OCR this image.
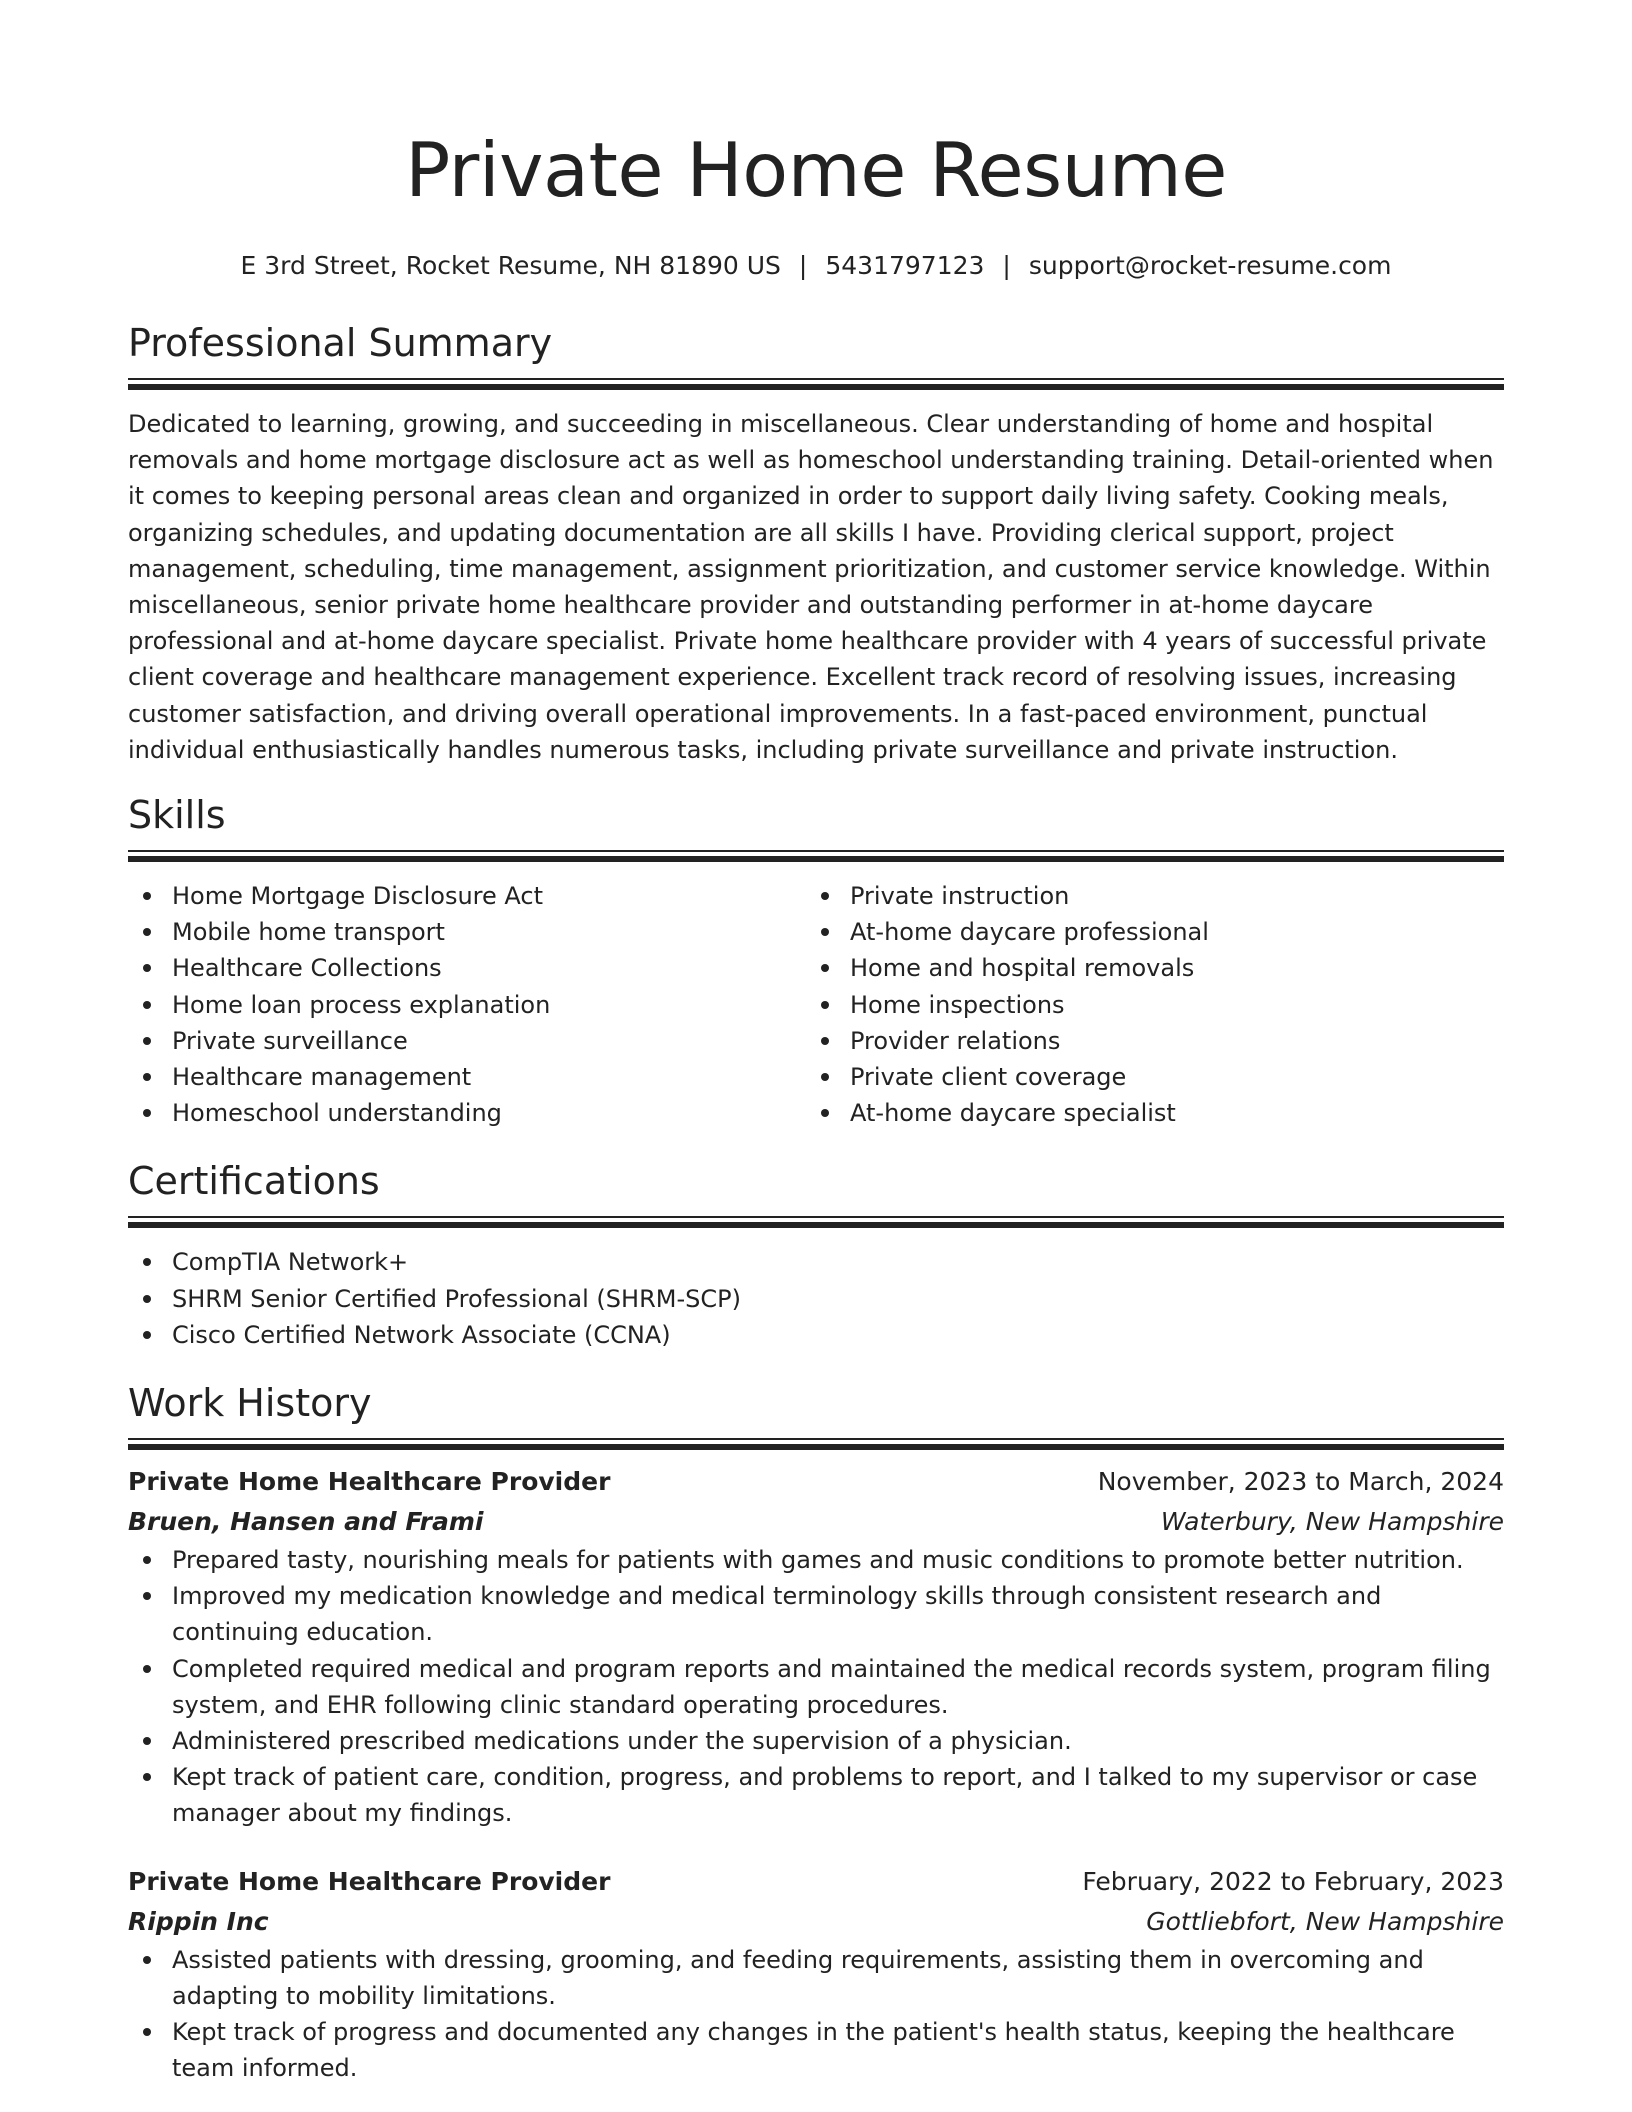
Private Home Resume
E 3rd Street, Rocket Resume, NH 81890 US | 5431797123 | support@rocket-resume.com
Professional Summary
Dedicated to learning, growing, and succeeding in miscellaneous. Clear understanding of home and hospital removals and home mortgage disclosure act as well as homeschool understanding training. Detail-oriented when it comes to keeping personal areas clean and organized in order to support daily living safety. Cooking meals, organizing schedules, and updating documentation are all skills I have. Providing clerical support, project management, scheduling, time management, assignment prioritization, and customer service knowledge. Within miscellaneous, senior private home healthcare provider and outstanding performer in at-home daycare professional and at-home daycare specialist. Private home healthcare provider with 4 years of successful private client coverage and healthcare management experience. Excellent track record of resolving issues, increasing customer satisfaction, and driving overall operational improvements. In a fast-paced environment, punctual individual enthusiastically handles numerous tasks, including private surveillance and private instruction.
Skills
Home Mortgage Disclosure Act
Mobile home transport
Healthcare Collections
Home loan process explanation
Private surveillance
Healthcare management
Homeschool understanding
Private instruction
At-home daycare professional
Home and hospital removals
Home inspections
Provider relations
Private client coverage
At-home daycare specialist
Certifications
CompTIA Network+
SHRM Senior Certified Professional (SHRM-SCP)
Cisco Certified Network Associate (CCNA)
Work History
Private Home Healthcare Provider	November, 2023 to March, 2024
Bruen, Hansen and Frami	Waterbury, New Hampshire
Prepared tasty, nourishing meals for patients with games and music conditions to promote better nutrition.
Improved my medication knowledge and medical terminology skills through consistent research and continuing education.
Completed required medical and program reports and maintained the medical records system, program filing system, and EHR following clinic standard operating procedures.
Administered prescribed medications under the supervision of a physician.
Kept track of patient care, condition, progress, and problems to report, and I talked to my supervisor or case manager about my findings.
Private Home Healthcare Provider	February, 2022 to February, 2023
Rippin Inc	Gottliebfort, New Hampshire
Assisted patients with dressing, grooming, and feeding requirements, assisting them in overcoming and adapting to mobility limitations.
Kept track of progress and documented any changes in the patient's health status, keeping the healthcare team informed.
